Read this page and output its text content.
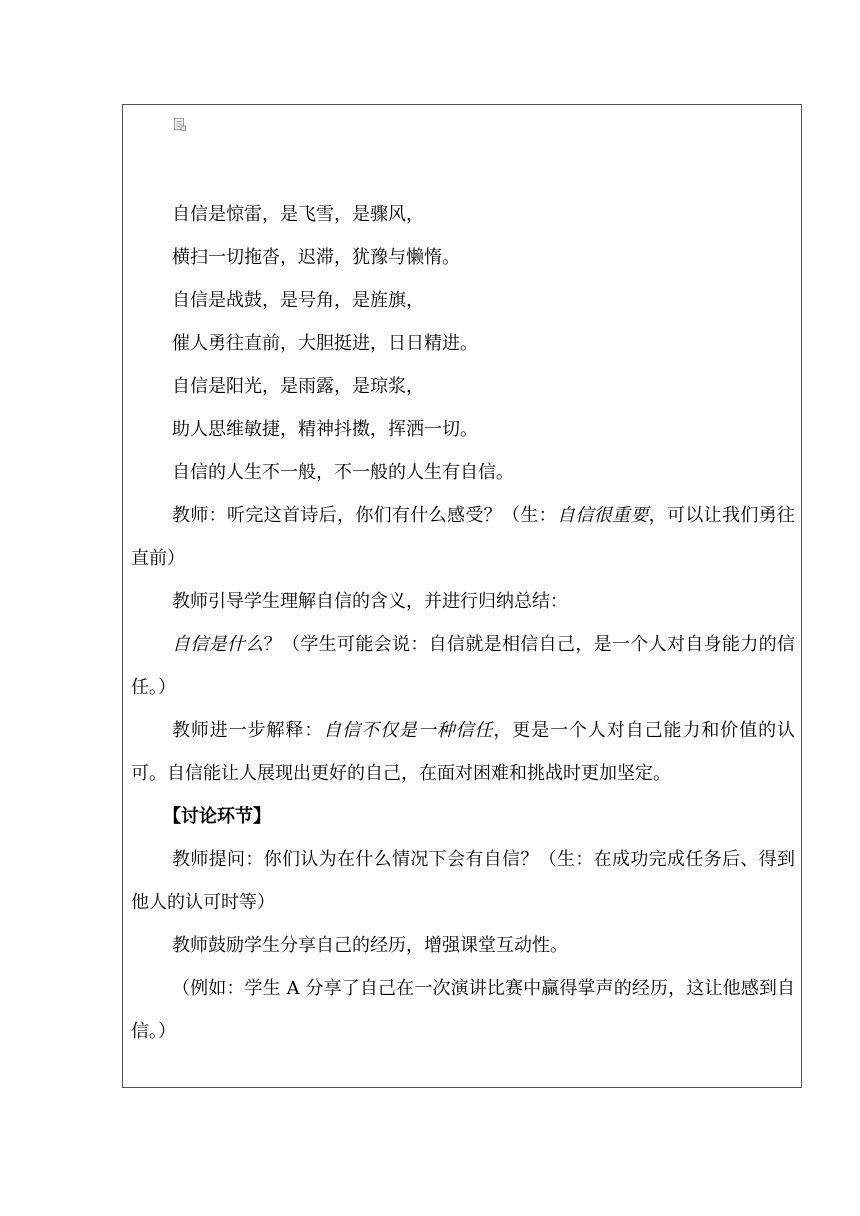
自信是惊雷，是飞雪，是骤风，

横扫一切拖沓，迟滞，犹豫与懒惰。

自信是战鼓，是号角，是旌旗，

催人勇往直前，大胆挺进，日日精进。

自信是阳光，是雨露，是琼浆，

助人思维敏捷，精神抖擞，挥洒一切。

自信的人生不一般，不一般的人生有自信。

教师：听完这首诗后，你们有什么感受？（生：自信很重要，可以让我们勇往直前）

教师引导学生理解自信的含义，并进行归纳总结：

自信是什么？（学生可能会说：自信就是相信自己，是一个人对自身能力的信任。）

教师进一步解释：自信不仅是一种信任，更是一个人对自己能力和价值的认可。自信能让人展现出更好的自己，在面对困难和挑战时更加坚定。

【讨论环节】

教师提问：你们认为在什么情况下会有自信？（生：在成功完成任务后、得到他人的认可时等）

教师鼓励学生分享自己的经历，增强课堂互动性。

（例如：学生 A 分享了自己在一次演讲比赛中赢得掌声的经历，这让他感到自信。）
